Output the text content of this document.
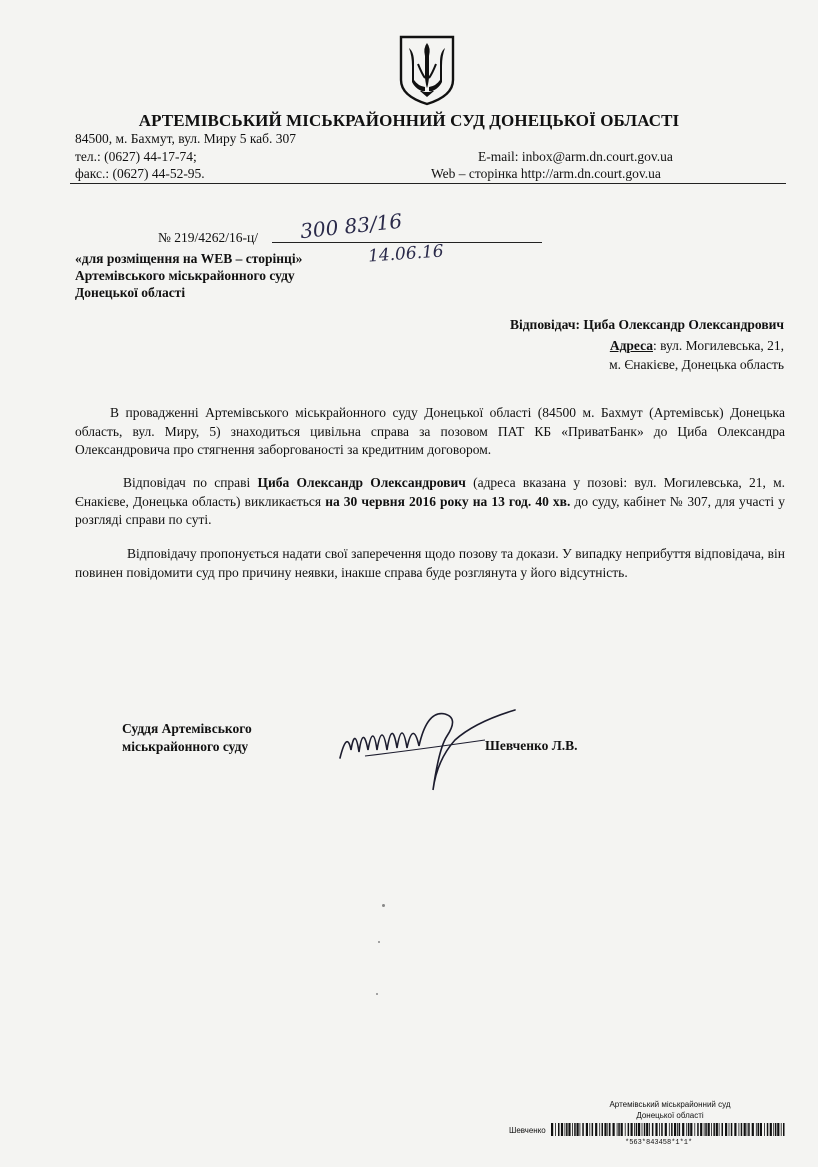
АРТЕМІВСЬКИЙ МІСЬКРАЙОННИЙ СУД ДОНЕЦЬКОЇ ОБЛАСТІ
84500, м. Бахмут, вул. Миру 5 каб. 307
тел.: (0627) 44-17-74;
факс.: (0627) 44-52-95.
E-mail: inbox@arm.dn.court.gov.ua
Web – сторінка http://arm.dn.court.gov.ua
№ 219/4262/16-ц/ 300 83/16
14.06.16
«для розміщення на WEB – сторінці»
Артемівського міськрайонного суду
Донецької області
Відповідач: Циба Олександр Олександрович
Адреса: вул. Могилевська, 21,
м. Єнакієве, Донецька область
В провадженні Артемівського міськрайонного суду Донецької області (84500 м. Бахмут (Артемівськ) Донецька область, вул. Миру, 5) знаходиться цивільна справа за позовом ПАТ КБ «ПриватБанк» до Циба Олександра Олександровича про стягнення заборгованості за кредитним договором.
Відповідач по справі Циба Олександр Олександрович (адреса вказана у позові: вул. Могилевська, 21, м. Єнакієве, Донецька область) викликається на 30 червня 2016 року на 13 год. 40 хв. до суду, кабінет № 307, для участі у розгляді справи по суті.
Відповідачу пропонується надати свої заперечення щодо позову та докази. У випадку неприбуття відповідача, він повинен повідомити суд про причину неявки, інакше справа буде розглянута у його відсутність.
Суддя Артемівського
міськрайонного суду	Шевченко Л.В.
Артемівський міськрайонний суд
Донецької області
Шевченко
*563*843458*1*1*
